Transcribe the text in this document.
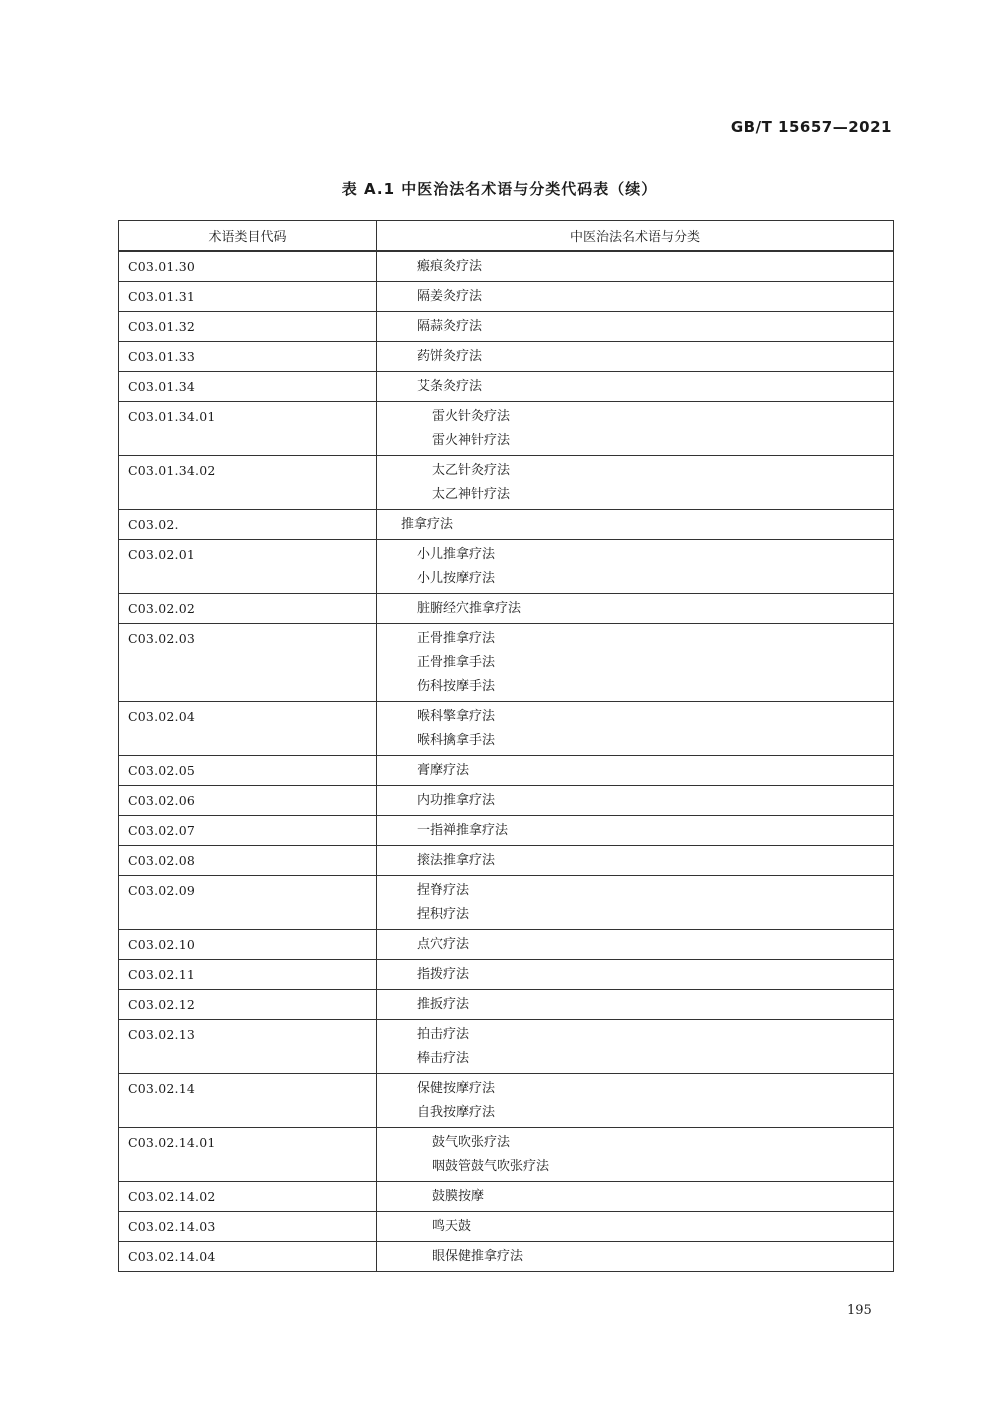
GB/T 15657—2021
表 A.1 中医治法名术语与分类代码表（续）
术语类目代码	中医治法名术语与分类
C03.01.30	瘢痕灸疗法

C03.01.31	隔姜灸疗法

C03.01.32	隔蒜灸疗法

C03.01.33	药饼灸疗法

C03.01.34	艾条灸疗法

C03.01.34.01	雷火针灸疗法
雷火神针疗法

C03.01.34.02	太乙针灸疗法
太乙神针疗法

C03.02.	推拿疗法

C03.02.01	小儿推拿疗法
小儿按摩疗法

C03.02.02	脏腑经穴推拿疗法

C03.02.03	正骨推拿疗法
正骨推拿手法
伤科按摩手法

C03.02.04	喉科擎拿疗法
喉科擒拿手法

C03.02.05	膏摩疗法

C03.02.06	内功推拿疗法

C03.02.07	一指禅推拿疗法

C03.02.08	㨰法推拿疗法

C03.02.09	捏脊疗法
捏积疗法

C03.02.10	点穴疗法

C03.02.11	指拨疗法

C03.02.12	推扳疗法

C03.02.13	拍击疗法
棒击疗法

C03.02.14	保健按摩疗法
自我按摩疗法

C03.02.14.01	鼓气吹张疗法
咽鼓管鼓气吹张疗法

C03.02.14.02	鼓膜按摩

C03.02.14.03	鸣天鼓

C03.02.14.04	眼保健推拿疗法
195
